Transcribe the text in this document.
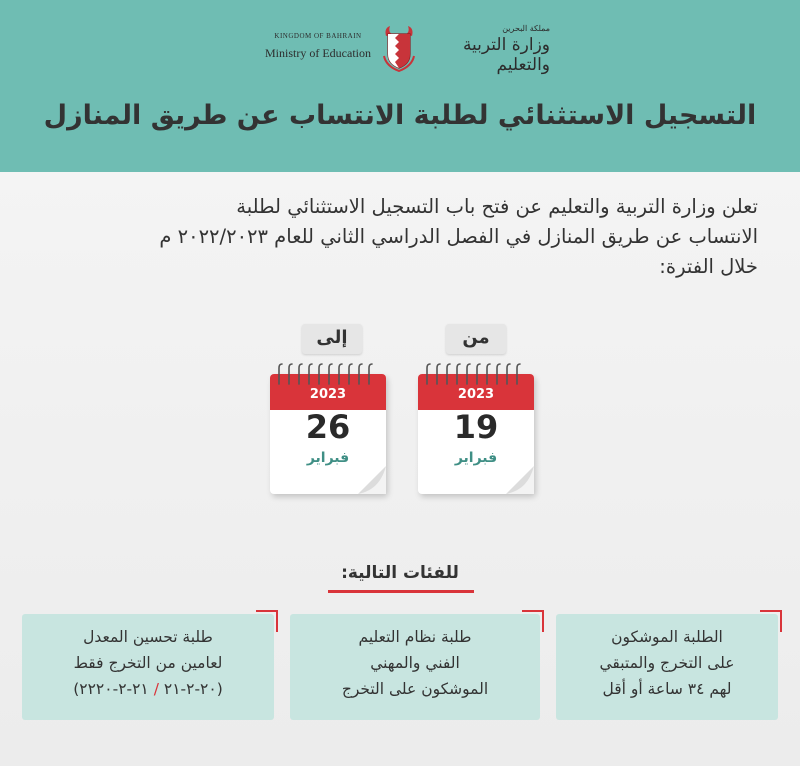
KINGDOM OF BAHRAIN
Ministry of Education
مملكة البحرين
وزارة التربية والتعليم
التسجيل الاستثنائي لطلبة الانتساب عن طريق المنازل
تعلن وزارة التربية والتعليم عن فتح باب التسجيل الاستثنائي لطلبة
الانتساب عن طريق المنازل في الفصل الدراسي الثاني للعام ٢٠٢٢/٢٠٢٣ م
خلال الفترة:
إلى	من
2023
26
فبراير
2023
19
فبراير
للفئات التالية:
الطلبة الموشكون
على التخرج والمتبقي
لهم ٣٤ ساعة أو أقل
طلبة نظام التعليم
الفني والمهني
الموشكون على التخرج
طلبة تحسين المعدل
لعامين من التخرج فقط
(٢٠-٢-٢١ / ٢١-٢-٢٢٢٠)
